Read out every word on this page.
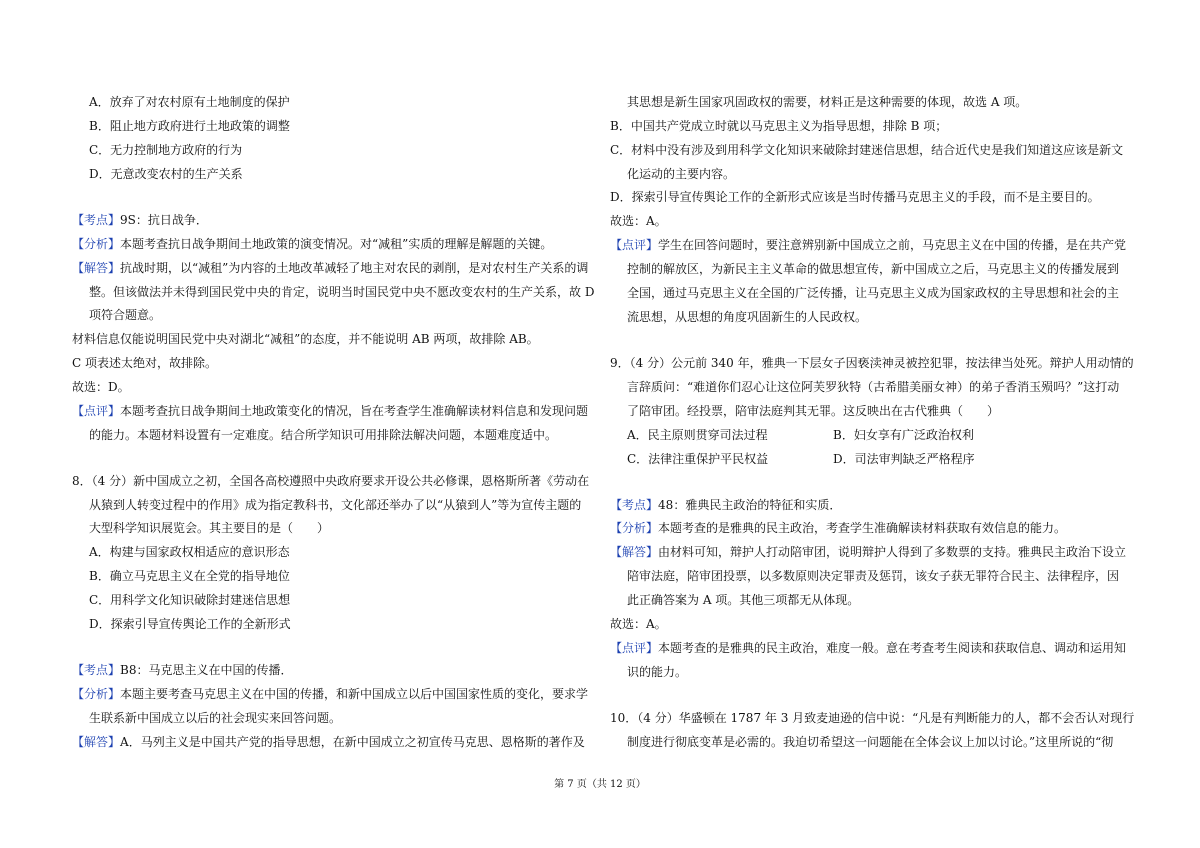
A．放弃了对农村原有土地制度的保护
B．阻止地方政府进行土地政策的调整
C．无力控制地方政府的行为
D．无意改变农村的生产关系
【考点】9S：抗日战争．
【分析】本题考查抗日战争期间土地政策的演变情况。对“减租”实质的理解是解题的关键。
【解答】抗战时期，以“减租”为内容的土地改革减轻了地主对农民的剥削，是对农村生产关系的调
整。但该做法并未得到国民党中央的肯定，说明当时国民党中央不愿改变农村的生产关系，故 D
项符合题意。
材料信息仅能说明国民党中央对湖北“减租”的态度，并不能说明 AB 两项，故排除 AB。
C 项表述太绝对，故排除。
故选：D。
【点评】本题考查抗日战争期间土地政策变化的情况，旨在考查学生准确解读材料信息和发现问题
的能力。本题材料设置有一定难度。结合所学知识可用排除法解决问题，本题难度适中。
8．（4 分）新中国成立之初，全国各高校遵照中央政府要求开设公共必修课，恩格斯所著《劳动在
从猿到人转变过程中的作用》成为指定教科书，文化部还举办了以“从猿到人”等为宣传主题的
大型科学知识展览会。其主要目的是（　　）
A．构建与国家政权相适应的意识形态
B．确立马克思主义在全党的指导地位
C．用科学文化知识破除封建迷信思想
D．探索引导宣传舆论工作的全新形式
【考点】B8：马克思主义在中国的传播．
【分析】本题主要考查马克思主义在中国的传播，和新中国成立以后中国国家性质的变化，要求学
生联系新中国成立以后的社会现实来回答问题。
【解答】A．马列主义是中国共产党的指导思想，在新中国成立之初宣传马克思、恩格斯的著作及
其思想是新生国家巩固政权的需要，材料正是这种需要的体现，故选 A 项。
B．中国共产党成立时就以马克思主义为指导思想，排除 B 项；
C．材料中没有涉及到用科学文化知识来破除封建迷信思想，结合近代史是我们知道这应该是新文
化运动的主要内容。
D．探索引导宣传舆论工作的全新形式应该是当时传播马克思主义的手段，而不是主要目的。
故选：A。
【点评】学生在回答问题时，要注意辨别新中国成立之前，马克思主义在中国的传播，是在共产党
控制的解放区，为新民主主义革命的做思想宣传，新中国成立之后，马克思主义的传播发展到
全国，通过马克思主义在全国的广泛传播，让马克思主义成为国家政权的主导思想和社会的主
流思想，从思想的角度巩固新生的人民政权。
9．（4 分）公元前 340 年，雅典一下层女子因亵渎神灵被控犯罪，按法律当处死。辩护人用动情的
言辞质问：“难道你们忍心让这位阿芙罗狄特（古希腊美丽女神）的弟子香消玉殒吗？”这打动
了陪审团。经投票，陪审法庭判其无罪。这反映出在古代雅典（　　）
A．民主原则贯穿司法过程	B．妇女享有广泛政治权利
C．法律注重保护平民权益	D．司法审判缺乏严格程序
【考点】48：雅典民主政治的特征和实质．
【分析】本题考查的是雅典的民主政治，考查学生准确解读材料获取有效信息的能力。
【解答】由材料可知，辩护人打动陪审团，说明辩护人得到了多数票的支持。雅典民主政治下设立
陪审法庭，陪审团投票，以多数原则决定罪责及惩罚，该女子获无罪符合民主、法律程序，因
此正确答案为 A 项。其他三项都无从体现。
故选：A。
【点评】本题考查的是雅典的民主政治，难度一般。意在考查考生阅读和获取信息、调动和运用知
识的能力。
10．（4 分）华盛顿在 1787 年 3 月致麦迪逊的信中说：“凡是有判断能力的人，都不会否认对现行
制度进行彻底变革是必需的。我迫切希望这一问题能在全体会议上加以讨论。”这里所说的“彻
第 7 页（共 12 页）
